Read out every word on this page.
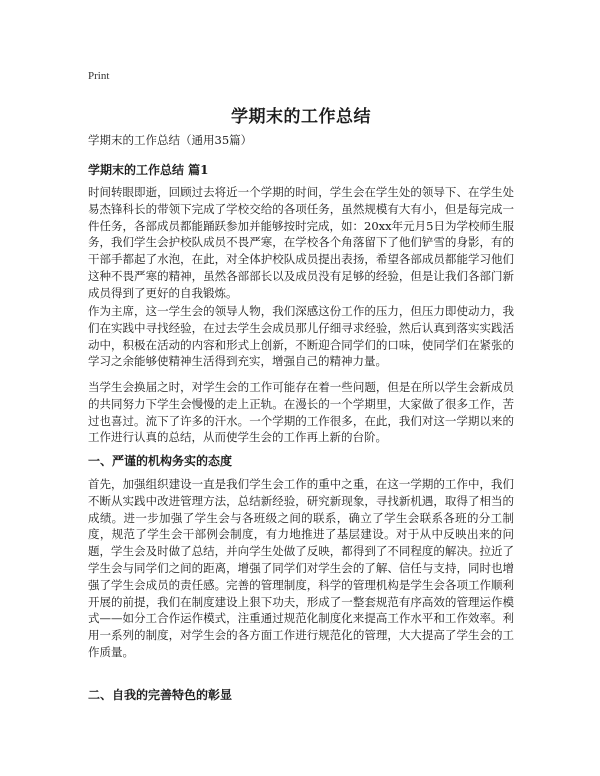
Print
学期末的工作总结
学期末的工作总结（通用35篇）
学期末的工作总结 篇1
时间转眼即逝，回顾过去将近一个学期的时间，学生会在学生处的领导下、在学生处易杰锋科长的带领下完成了学校交给的各项任务，虽然规模有大有小，但是每完成一件任务，各部成员都能踊跃参加并能够按时完成，如：20xx年元月5日为学校师生服务，我们学生会护校队成员不畏严寒，在学校各个角落留下了他们铲雪的身影，有的干部手都起了水泡，在此，对全体护校队成员提出表扬，希望各部成员都能学习他们这种不畏严寒的精神，虽然各部部长以及成员没有足够的经验，但是让我们各部门新成员得到了更好的自我锻炼。
作为主席，这一学生会的领导人物，我们深感这份工作的压力，但压力即使动力，我们在实践中寻找经验，在过去学生会成员那儿仔细寻求经验，然后认真到落实实践活动中，积极在活动的内容和形式上创新，不断迎合同学们的口味，使同学们在紧张的学习之余能够使精神生活得到充实，增强自己的精神力量。
当学生会换届之时，对学生会的工作可能存在着一些问题，但是在所以学生会新成员的共同努力下学生会慢慢的走上正轨。在漫长的一个学期里，大家做了很多工作，苦过也喜过。流下了许多的汗水。一个学期的工作很多，在此，我们对这一学期以来的工作进行认真的总结，从而使学生会的工作再上新的台阶。
一、严谨的机构务实的态度
首先，加强组织建设一直是我们学生会工作的重中之重，在这一学期的工作中，我们不断从实践中改进管理方法，总结新经验，研究新现象，寻找新机遇，取得了相当的成绩。进一步加强了学生会与各班级之间的联系，确立了学生会联系各班的分工制度，规范了学生会干部例会制度，有力地推进了基层建设。对于从中反映出来的问题，学生会及时做了总结，并向学生处做了反映，都得到了不同程度的解决。拉近了学生会与同学们之间的距离，增强了同学们对学生会的了解、信任与支持，同时也增强了学生会成员的责任感。完善的管理制度，科学的管理机构是学生会各项工作顺利开展的前提，我们在制度建设上狠下功夫，形成了一整套规范有序高效的管理运作模式——如分工合作运作模式，注重通过规范化制度化来提高工作水平和工作效率。利用一系列的制度，对学生会的各方面工作进行规范化的管理，大大提高了学生会的工作质量。
二、自我的完善特色的彰显
